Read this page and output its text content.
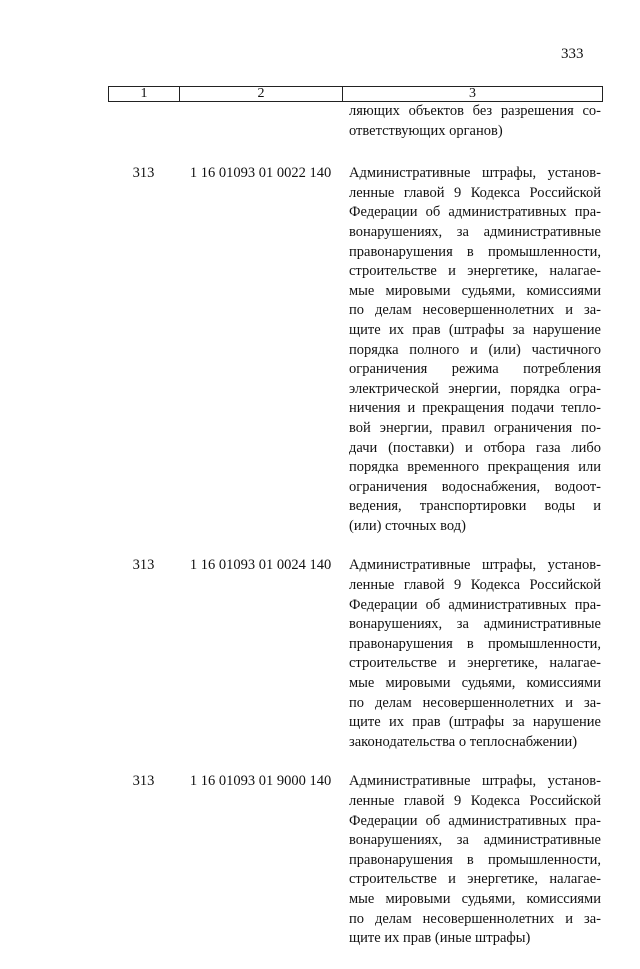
333
1	2	3
ляющих объектов без разрешения со-
ответствующих органов)
313	1 16 01093 01 0022 140	Административные штрафы, установ-
ленные главой 9 Кодекса Российской
Федерации об административных пра-
вонарушениях, за административные
правонарушения в промышленности,
строительстве и энергетике, налагае-
мые мировыми судьями, комиссиями
по делам несовершеннолетних и за-
щите их прав (штрафы за нарушение
порядка полного и (или) частичного
ограничения режима потребления
электрической энергии, порядка огра-
ничения и прекращения подачи тепло-
вой энергии, правил ограничения по-
дачи (поставки) и отбора газа либо
порядка временного прекращения или
ограничения водоснабжения, водоот-
ведения, транспортировки воды и
(или) сточных вод)
313	1 16 01093 01 0024 140	Административные штрафы, установ-
ленные главой 9 Кодекса Российской
Федерации об административных пра-
вонарушениях, за административные
правонарушения в промышленности,
строительстве и энергетике, налагае-
мые мировыми судьями, комиссиями
по делам несовершеннолетних и за-
щите их прав (штрафы за нарушение
законодательства о теплоснабжении)
313	1 16 01093 01 9000 140	Административные штрафы, установ-
ленные главой 9 Кодекса Российской
Федерации об административных пра-
вонарушениях, за административные
правонарушения в промышленности,
строительстве и энергетике, налагае-
мые мировыми судьями, комиссиями
по делам несовершеннолетних и за-
щите их прав (иные штрафы)
